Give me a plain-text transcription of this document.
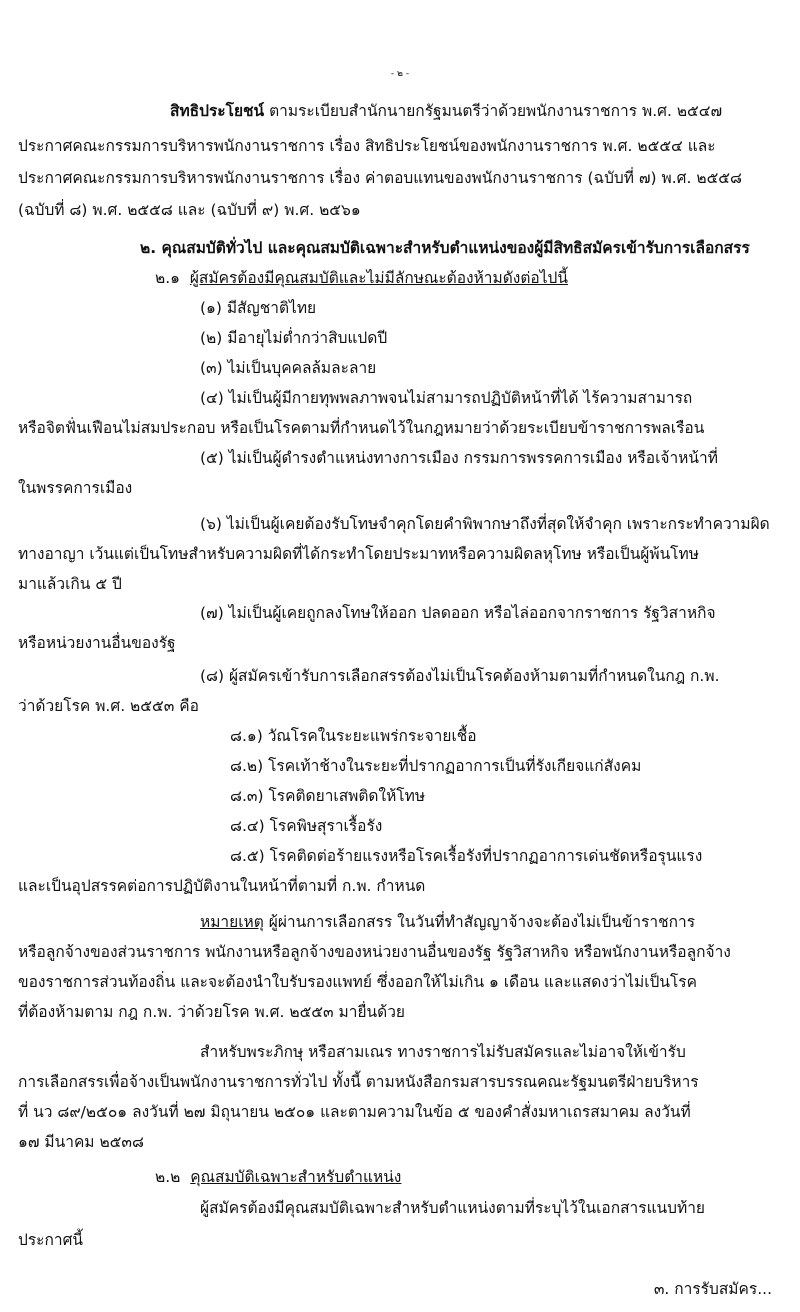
- ๒ -
สิทธิประโยชน์ ตามระเบียบสำนักนายกรัฐมนตรีว่าด้วยพนักงานราชการ พ.ศ. ๒๕๔๗
ประกาศคณะกรรมการบริหารพนักงานราชการ เรื่อง สิทธิประโยชน์ของพนักงานราชการ พ.ศ. ๒๕๕๔ และ
ประกาศคณะกรรมการบริหารพนักงานราชการ เรื่อง ค่าตอบแทนของพนักงานราชการ (ฉบับที่ ๗) พ.ศ. ๒๕๕๘
(ฉบับที่ ๘) พ.ศ. ๒๕๕๘ และ (ฉบับที่ ๙) พ.ศ. ๒๕๖๑
๒. คุณสมบัติทั่วไป และคุณสมบัติเฉพาะสำหรับตำแหน่งของผู้มีสิทธิสมัครเข้ารับการเลือกสรร
๒.๑ ผู้สมัครต้องมีคุณสมบัติและไม่มีลักษณะต้องห้ามดังต่อไปนี้
(๑) มีสัญชาติไทย
(๒) มีอายุไม่ต่ำกว่าสิบแปดปี
(๓) ไม่เป็นบุคคลล้มละลาย
(๔) ไม่เป็นผู้มีกายทุพพลภาพจนไม่สามารถปฏิบัติหน้าที่ได้ ไร้ความสามารถ
หรือจิตฟั่นเฟือนไม่สมประกอบ หรือเป็นโรคตามที่กำหนดไว้ในกฎหมายว่าด้วยระเบียบข้าราชการพลเรือน
(๕) ไม่เป็นผู้ดำรงตำแหน่งทางการเมือง กรรมการพรรคการเมือง หรือเจ้าหน้าที่
ในพรรคการเมือง
(๖) ไม่เป็นผู้เคยต้องรับโทษจำคุกโดยคำพิพากษาถึงที่สุดให้จำคุก เพราะกระทำความผิด
ทางอาญา เว้นแต่เป็นโทษสำหรับความผิดที่ได้กระทำโดยประมาทหรือความผิดลหุโทษ หรือเป็นผู้พ้นโทษ
มาแล้วเกิน ๕ ปี
(๗) ไม่เป็นผู้เคยถูกลงโทษให้ออก ปลดออก หรือไล่ออกจากราชการ รัฐวิสาหกิจ
หรือหน่วยงานอื่นของรัฐ
(๘) ผู้สมัครเข้ารับการเลือกสรรต้องไม่เป็นโรคต้องห้ามตามที่กำหนดในกฎ ก.พ.
ว่าด้วยโรค พ.ศ. ๒๕๕๓ คือ
๘.๑) วัณโรคในระยะแพร่กระจายเชื้อ
๘.๒) โรคเท้าช้างในระยะที่ปรากฏอาการเป็นที่รังเกียจแก่สังคม
๘.๓) โรคติดยาเสพติดให้โทษ
๘.๔) โรคพิษสุราเรื้อรัง
๘.๕) โรคติดต่อร้ายแรงหรือโรคเรื้อรังที่ปรากฏอาการเด่นชัดหรือรุนแรง
และเป็นอุปสรรคต่อการปฏิบัติงานในหน้าที่ตามที่ ก.พ. กำหนด
หมายเหตุ ผู้ผ่านการเลือกสรร ในวันที่ทำสัญญาจ้างจะต้องไม่เป็นข้าราชการ
หรือลูกจ้างของส่วนราชการ พนักงานหรือลูกจ้างของหน่วยงานอื่นของรัฐ รัฐวิสาหกิจ หรือพนักงานหรือลูกจ้าง
ของราชการส่วนท้องถิ่น และจะต้องนำใบรับรองแพทย์ ซึ่งออกให้ไม่เกิน ๑ เดือน และแสดงว่าไม่เป็นโรค
ที่ต้องห้ามตาม กฎ ก.พ. ว่าด้วยโรค พ.ศ. ๒๕๕๓ มายื่นด้วย
สำหรับพระภิกษุ หรือสามเณร ทางราชการไม่รับสมัครและไม่อาจให้เข้ารับ
การเลือกสรรเพื่อจ้างเป็นพนักงานราชการทั่วไป ทั้งนี้ ตามหนังสือกรมสารบรรณคณะรัฐมนตรีฝ่ายบริหาร
ที่ นว ๘๙/๒๕๐๑ ลงวันที่ ๒๗ มิถุนายน ๒๕๐๑ และตามความในข้อ ๕ ของคำสั่งมหาเถรสมาคม ลงวันที่
๑๗ มีนาคม ๒๕๓๘
๒.๒ คุณสมบัติเฉพาะสำหรับตำแหน่ง
ผู้สมัครต้องมีคุณสมบัติเฉพาะสำหรับตำแหน่งตามที่ระบุไว้ในเอกสารแนบท้าย
ประกาศนี้
๓. การรับสมัคร...
